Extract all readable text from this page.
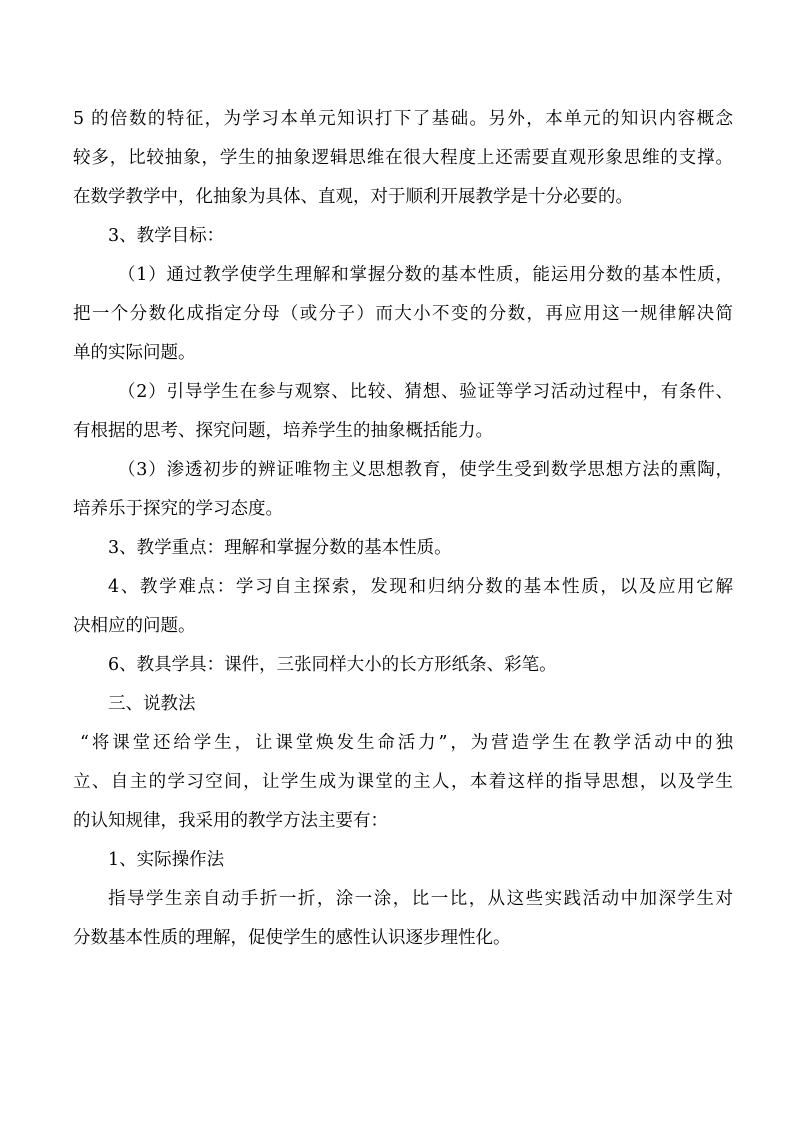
5 的倍数的特征，为学习本单元知识打下了基础。另外，本单元的知识内容概念
较多，比较抽象，学生的抽象逻辑思维在很大程度上还需要直观形象思维的支撑。
在数学教学中，化抽象为具体、直观，对于顺利开展教学是十分必要的。
3、教学目标：
（1）通过教学使学生理解和掌握分数的基本性质，能运用分数的基本性质，
把一个分数化成指定分母（或分子）而大小不变的分数，再应用这一规律解决简
单的实际问题。
（2）引导学生在参与观察、比较、猜想、验证等学习活动过程中，有条件、
有根据的思考、探究问题，培养学生的抽象概括能力。
（3）渗透初步的辨证唯物主义思想教育，使学生受到数学思想方法的熏陶，
培养乐于探究的学习态度。
3、教学重点：理解和掌握分数的基本性质。
4、教学难点：学习自主探索，发现和归纳分数的基本性质，以及应用它解
决相应的问题。
6、教具学具：课件，三张同样大小的长方形纸条、彩笔。
三、说教法
“将课堂还给学生，让课堂焕发生命活力”，为营造学生在教学活动中的独
立、自主的学习空间，让学生成为课堂的主人，本着这样的指导思想，以及学生
的认知规律，我采用的教学方法主要有：
1、实际操作法
指导学生亲自动手折一折，涂一涂，比一比，从这些实践活动中加深学生对
分数基本性质的理解，促使学生的感性认识逐步理性化。
